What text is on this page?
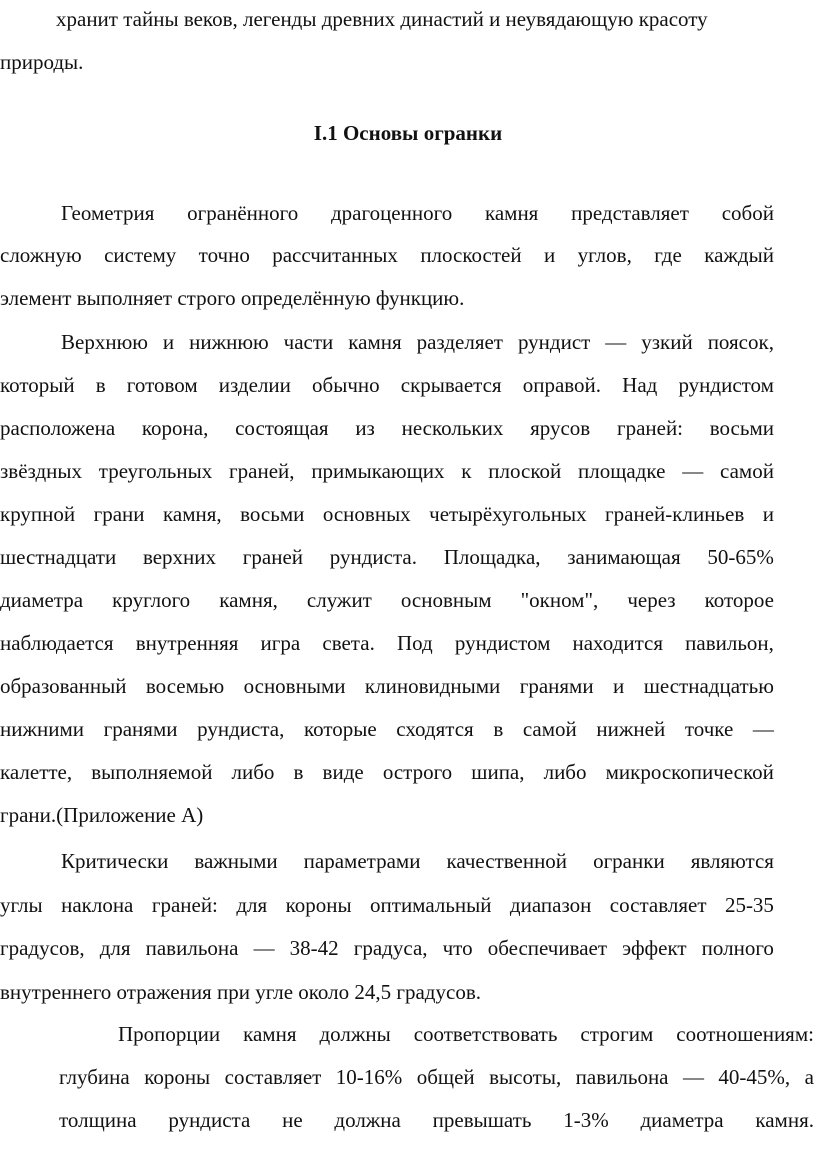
хранит тайны веков, легенды древних династий и неувядающую красоту
природы.
I.1 Основы огранки
Геометрия огранённого драгоценного камня представляет собой
сложную систему точно рассчитанных плоскостей и углов, где каждый
элемент выполняет строго определённую функцию.
Верхнюю и нижнюю части камня разделяет рундист — узкий поясок,
который в готовом изделии обычно скрывается оправой. Над рундистом
расположена корона, состоящая из нескольких ярусов граней: восьми
звёздных треугольных граней, примыкающих к плоской площадке — самой
крупной грани камня, восьми основных четырёхугольных граней-клиньев и
шестнадцати верхних граней рундиста. Площадка, занимающая 50-65%
диаметра круглого камня, служит основным "окном", через которое
наблюдается внутренняя игра света. Под рундистом находится павильон,
образованный восемью основными клиновидными гранями и шестнадцатью
нижними гранями рундиста, которые сходятся в самой нижней точке —
калетте, выполняемой либо в виде острого шипа, либо микроскопической
грани.(Приложение А)
Критически важными параметрами качественной огранки являются
углы наклона граней: для короны оптимальный диапазон составляет 25-35
градусов, для павильона — 38-42 градуса, что обеспечивает эффект полного
внутреннего отражения при угле около 24,5 градусов.
Пропорции камня должны соответствовать строгим соотношениям:
глубина короны составляет 10-16% общей высоты, павильона — 40-45%, а
толщина рундиста не должна превышать 1-3% диаметра камня.
